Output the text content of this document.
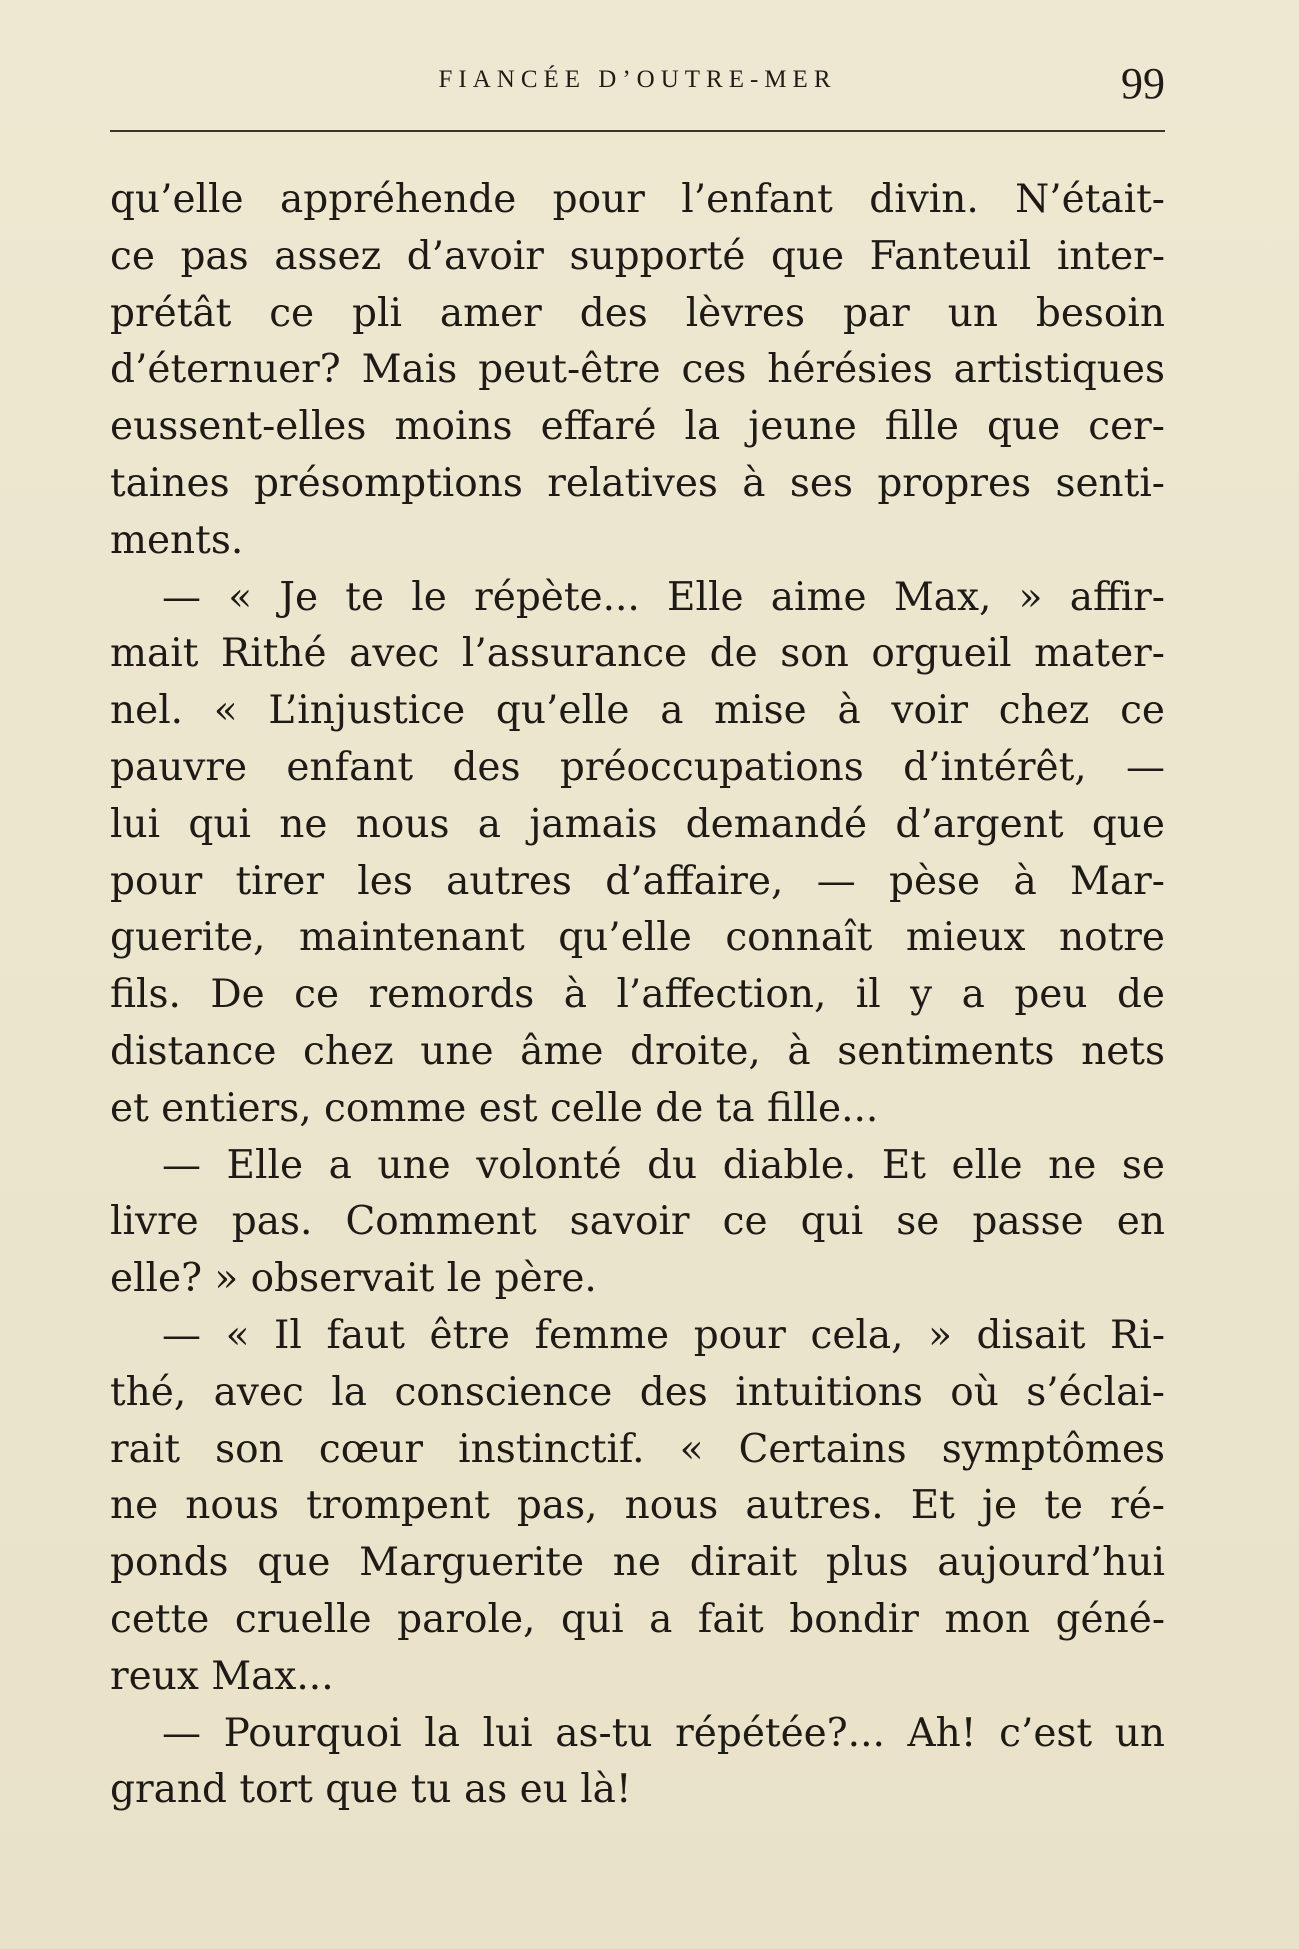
FIANCÉE D’OUTRE-MER	99
qu’elle appréhende pour l’enfant divin. N’était-
ce pas assez d’avoir supporté que Fanteuil inter-
prétât ce pli amer des lèvres par un besoin
d’éternuer? Mais peut-être ces hérésies artistiques
eussent-elles moins effaré la jeune fille que cer-
taines présomptions relatives à ses propres senti-
ments.
— « Je te le répète... Elle aime Max, » affir-
mait Rithé avec l’assurance de son orgueil mater-
nel. « L’injustice qu’elle a mise à voir chez ce
pauvre enfant des préoccupations d’intérêt, —
lui qui ne nous a jamais demandé d’argent que
pour tirer les autres d’affaire, — pèse à Mar-
guerite, maintenant qu’elle connaît mieux notre
fils. De ce remords à l’affection, il y a peu de
distance chez une âme droite, à sentiments nets
et entiers, comme est celle de ta fille...
— Elle a une volonté du diable. Et elle ne se
livre pas. Comment savoir ce qui se passe en
elle? » observait le père.
— « Il faut être femme pour cela, » disait Ri-
thé, avec la conscience des intuitions où s’éclai-
rait son cœur instinctif. « Certains symptômes
ne nous trompent pas, nous autres. Et je te ré-
ponds que Marguerite ne dirait plus aujourd’hui
cette cruelle parole, qui a fait bondir mon géné-
reux Max...
— Pourquoi la lui as-tu répétée?... Ah! c’est un
grand tort que tu as eu là!
